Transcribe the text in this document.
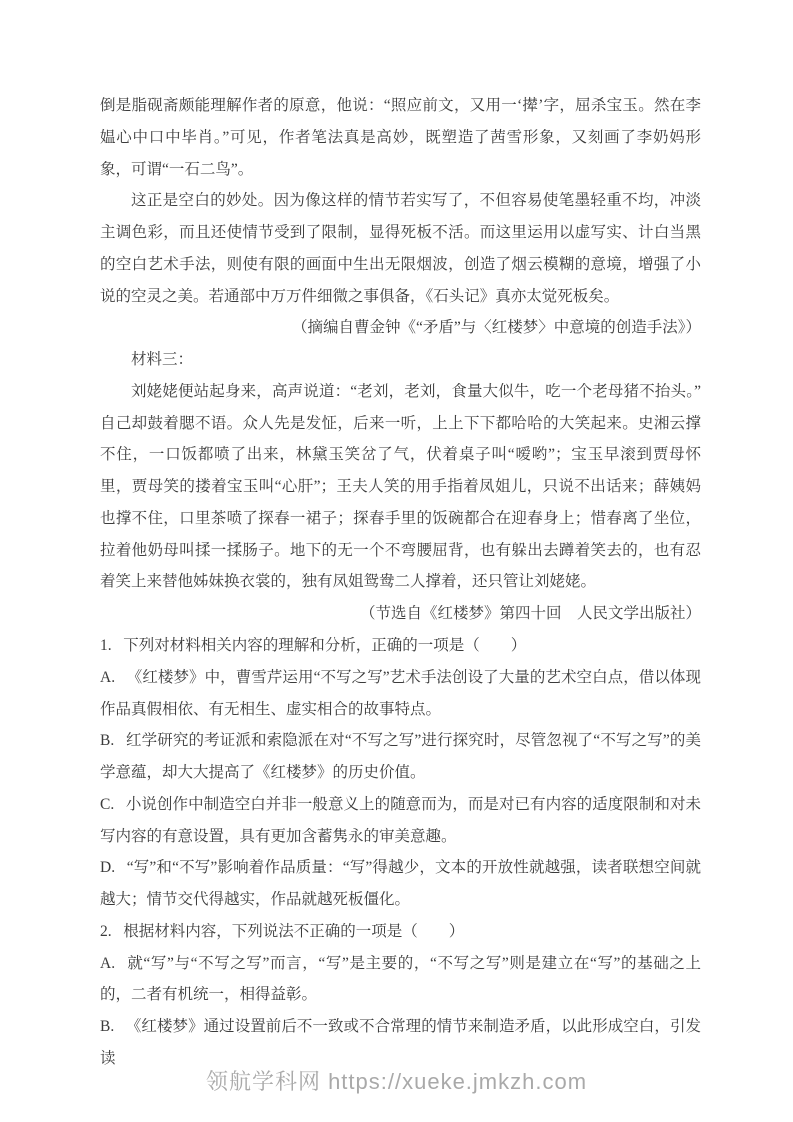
倒是脂砚斋颇能理解作者的原意，他说：“照应前文，又用一‘撵’字，屈杀宝玉。然在李媪心中口中毕肖。”可见，作者笔法真是高妙，既塑造了茜雪形象，又刻画了李奶妈形象，可谓“一石二鸟”。

这正是空白的妙处。因为像这样的情节若实写了，不但容易使笔墨轻重不均，冲淡主调色彩，而且还使情节受到了限制，显得死板不活。而这里运用以虚写实、计白当黑的空白艺术手法，则使有限的画面中生出无限烟波，创造了烟云模糊的意境，增强了小说的空灵之美。若通部中万万件细微之事俱备，《石头记》真亦太觉死板矣。

（摘编自曹金钟《“矛盾”与〈红楼梦〉中意境的创造手法》）

材料三：

刘姥姥便站起身来，高声说道：“老刘，老刘，食量大似牛，吃一个老母猪不抬头。”自己却鼓着腮不语。众人先是发怔，后来一听，上上下下都哈哈的大笑起来。史湘云撑不住，一口饭都喷了出来，林黛玉笑岔了气，伏着桌子叫“嗳哟”；宝玉早滚到贾母怀里，贾母笑的搂着宝玉叫“心肝”；王夫人笑的用手指着凤姐儿，只说不出话来；薛姨妈也撑不住，口里茶喷了探春一裙子；探春手里的饭碗都合在迎春身上；惜春离了坐位，拉着他奶母叫揉一揉肠子。地下的无一个不弯腰屈背，也有躲出去蹲着笑去的，也有忍着笑上来替他姊妹换衣裳的，独有凤姐鸳鸯二人撑着，还只管让刘姥姥。

（节选自《红楼梦》第四十回　人民文学出版社）

1. 下列对材料相关内容的理解和分析，正确的一项是（　　）

A. 《红楼梦》中，曹雪芹运用“不写之写”艺术手法创设了大量的艺术空白点，借以体现作品真假相依、有无相生、虚实相合的故事特点。

B. 红学研究的考证派和索隐派在对“不写之写”进行探究时，尽管忽视了“不写之写”的美学意蕴，却大大提高了《红楼梦》的历史价值。

C. 小说创作中制造空白并非一般意义上的随意而为，而是对已有内容的适度限制和对未写内容的有意设置，具有更加含蓄隽永的审美意趣。

D. “写”和“不写”影响着作品质量：“写”得越少，文本的开放性就越强，读者联想空间就越大；情节交代得越实，作品就越死板僵化。

2. 根据材料内容，下列说法不正确的一项是（　　）

A. 就“写”与“不写之写”而言，“写”是主要的，“不写之写”则是建立在“写”的基础之上的，二者有机统一，相得益彰。

B. 《红楼梦》通过设置前后不一致或不合常理的情节来制造矛盾，以此形成空白，引发读

领航学科网 https://xueke.jmkzh.com
